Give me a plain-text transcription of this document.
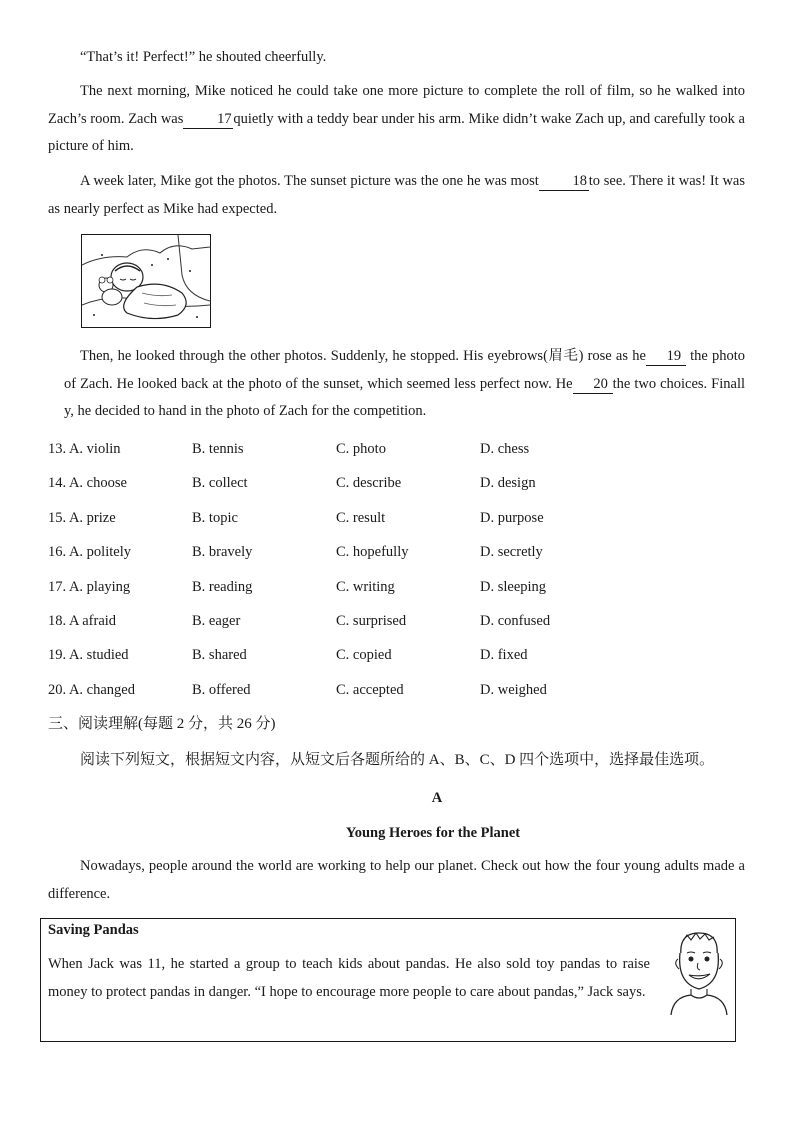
“That’s it! Perfect!” he shouted cheerfully.

The next morning, Mike noticed he could take one more picture to complete the roll of film, so he walked into Zach’s room. Zach was 17 quietly with a teddy bear under his arm. Mike didn’t wake Zach up, and carefully took a picture of him.

A week later, Mike got the photos. The sunset picture was the one he was most 18 to see. There it was! It was as nearly perfect as Mike had expected.

Then, he looked through the other photos. Suddenly, he stopped. His eyebrows(眉毛) rose as he 19 the photo of Zach. He looked back at the photo of the sunset, which seemed less perfect now. He 20 the two choices. Finall y, he decided to hand in the photo of Zach for the competition.

13. A. violin	B. tennis	C. photo	D. chess
14. A. choose	B. collect	C. describe	D. design
15. A. prize	B. topic	C. result	D. purpose
16. A. politely	B. bravely	C. hopefully	D. secretly
17. A. playing	B. reading	C. writing	D. sleeping
18. A afraid	B. eager	C. surprised	D. confused
19. A. studied	B. shared	C. copied	D. fixed
20. A. changed	B. offered	C. accepted	D. weighed
三、阅读理解(每题 2 分，共 26 分)
阅读下列短文，根据短文内容，从短文后各题所给的 A、B、C、D 四个选项中，选择最佳选项。
A
Young Heroes for the Planet

Nowadays, people around the world are working to help our planet. Check out how the four young adults made a difference.

Saving Pandas

When Jack was 11, he started a group to teach kids about pandas. He also sold toy pandas to raise money to protect pandas in danger. “I hope to encourage more people to care about pandas,” Jack says.
